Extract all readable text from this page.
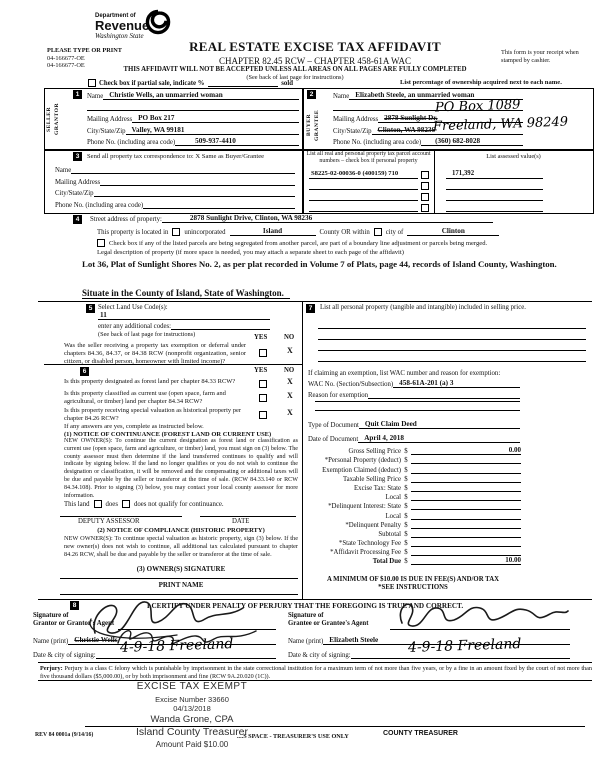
Department of
Revenue
Washington State
PLEASE TYPE OR PRINT
04-166677-OE
04-166677-OE
REAL ESTATE EXCISE TAX AFFIDAVIT
CHAPTER 82.45 RCW – CHAPTER 458-61A WAC
THIS AFFIDAVIT WILL NOT BE ACCEPTED UNLESS ALL AREAS ON ALL PAGES ARE FULLY COMPLETED
(See back of last page for instructions)
This form is your receipt when stamped by cashier.
Check box if partial sale, indicate %	sold	List percentage of ownership acquired next to each name.
SELLER GRANTOR
1	Name Christie Wells, an unmarried woman
Mailing Address PO Box 217
City/State/Zip Valley, WA 99181
Phone No. (including area code)	509-937-4410
2
BUYER GRANTEE
Name Elizabeth Steele, an unmarried woman
Mailing Address 2878 Sunlight Dr.
City/State/Zip Clinton, WA 98236
Phone No. (including area code)	(360) 682-8028
PO Box 1089
Freeland, WA 98249
3	Send all property tax correspondence to: X Same as Buyer/Grantee
Name
Mailing Address
City/State/Zip
Phone No. (including area code)
List all real and personal property tax parcel account numbers – check box if personal property
S8225-02-00036-0 (400159) 710
List assessed value(s)
171,392
4	Street address of property:	2878 Sunlight Drive, Clinton, WA 98236
This property is located in unincorporated	Island	County OR within city of	Clinton
Check box if any of the listed parcels are being segregated from another parcel, are part of a boundary line adjustment or parcels being merged.
Legal description of property (if more space is needed, you may attach a separate sheet to each page of the affidavit)
Lot 36, Plat of Sunlight Shores No. 2, as per plat recorded in Volume 7 of Plats, page 44, records of Island County, Washington.
Situate in the County of Island, State of Washington.
5 Select Land Use Code(s):
11
enter any additional codes:
(See back of last page for instructions)	YES NO
Was the seller receiving a property tax exemption or deferral under chapters 84.36, 84.37, or 84.38 RCW (nonprofit organization, senior citizen, or disabled person, homeowner with limited income)?
X
6	YES NO
Is this property designated as forest land per chapter 84.33 RCW?	X
Is this property classified as current use (open space, farm and agricultural, or timber) land per chapter 84.34 RCW?
X
Is this property receiving special valuation as historical property per chapter 84.26 RCW?
X
If any answers are yes, complete as instructed below.
(1) NOTICE OF CONTINUANCE (FOREST LAND OR CURRENT USE)
NEW OWNER(S): To continue the current designation as forest land or classification as current use (open space, farm and agriculture, or timber) land, you must sign on (3) below. The county assessor must then determine if the land transferred continues to qualify and will indicate by signing below. If the land no longer qualifies or you do not wish to continue the designation or classification, it will be removed and the compensating or additional taxes will be due and payable by the seller or transferor at the time of sale. (RCW 84.33.140 or RCW 84.34.108). Prior to signing (3) below, you may contact your local county assessor for more information.
This land does does not qualify for continuance.
DEPUTY ASSESSOR	DATE
(2) NOTICE OF COMPLIANCE (HISTORIC PROPERTY)
NEW OWNER(S): To continue special valuation as historic property, sign (3) below. If the new owner(s) does not wish to continue, all additional tax calculated pursuant to chapter 84.26 RCW, shall be due and payable by the seller or transferor at the time of sale.
(3) OWNER(S) SIGNATURE
PRINT NAME
7	List all personal property (tangible and intangible) included in selling price.
If claiming an exemption, list WAC number and reason for exemption:
WAC No. (Section/Subsection) 458-61A-201 (a) 3
Reason for exemption
Type of Document Quit Claim Deed
Date of Document April 4, 2018
Gross Selling Price $	0.00
*Personal Property (deduct) $
Exemption Claimed (deduct) $
Taxable Selling Price $
Excise Tax: State $
Local $
*Delinquent Interest: State $
Local $
*Delinquent Penalty $
Subtotal $
*State Technology Fee $
*Affidavit Processing Fee $
Total Due $	10.00
A MINIMUM OF $10.00 IS DUE IN FEE(S) AND/OR TAX
*SEE INSTRUCTIONS
8	I CERTIFY UNDER PENALTY OF PERJURY THAT THE FOREGOING IS TRUE AND CORRECT.
Signature of
Grantor or Grantor's Agent
Name (print) Christie Wells
Date & city of signing: 4-9-18 Freeland
Signature of
Grantee or Grantee's Agent
Name (print) Elizabeth Steele
Date & city of signing:	4-9-18 Freeland
Perjury: Perjury is a class C felony which is punishable by imprisonment in the state correctional institution for a maximum term of not more than five years, or by a fine in an amount fixed by the court of not more than five thousand dollars ($5,000.00), or by both imprisonment and fine (RCW 9A.20.020 (1C)).
EXCISE TAX EXEMPT
Excise Number 33660
04/13/2018
Wanda Grone, CPA
Island County Treasurer
Amount Paid $10.00
REV 84 0001a (9/14/16)	....S SPACE - TREASURER'S USE ONLY	COUNTY TREASURER
